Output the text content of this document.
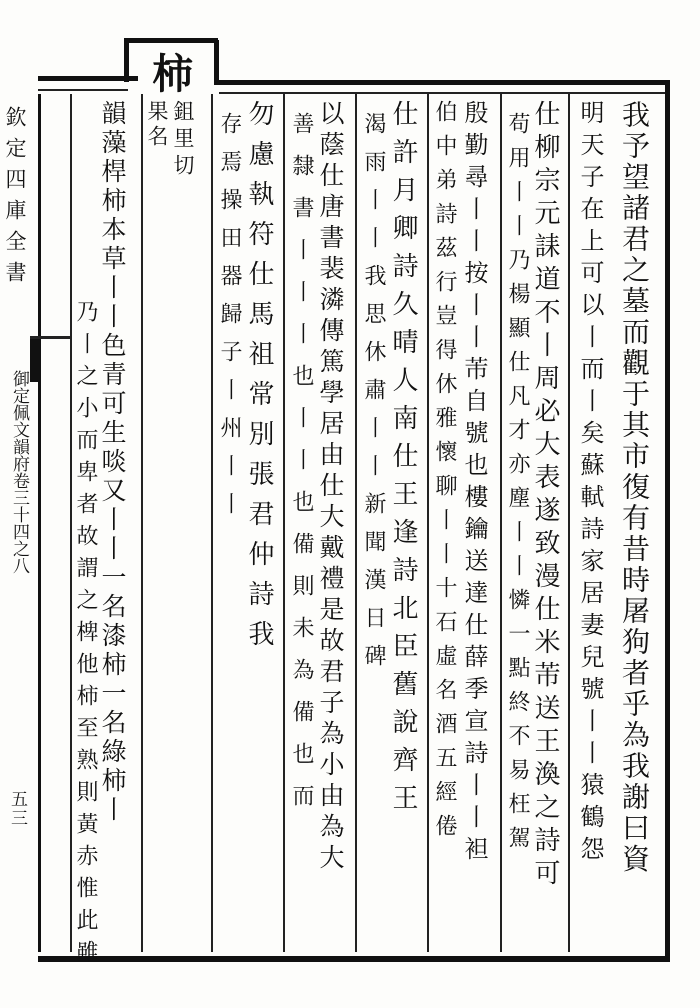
柿
欽定四庫全書
御定佩文韻府卷三十四之八
五三
鉏里切
果名	我予望諸君之墓而觀于其市復有昔時屠狗者乎為我謝曰資
明天子在上可以丨而丨矣蘇軾詩家居妻兒號丨丨猿鶴怨
仕柳宗元誄道不丨周必大表遂致漫仕米芾送王渙之詩可
苟用丨丨乃楊顯仕凡才亦塵丨丨憐一點終不易枉駕
殷勤尋丨丨按丨丨芾自號也樓鑰送達仕薛季宣詩丨丨袒
伯中弟詩茲行豈得休雅懷聊丨丨十石虛名酒五經倦
仕許月卿詩久晴人南仕王逢詩北臣舊說齊王
渴雨丨丨我思休肅丨丨新聞漢日碑
以蔭仕唐書裴潾傳篤學居由仕大戴禮是故君子為小由為大
善隸書丨丨丨也丨丨也備則未為備也而
勿慮執符仕馬祖常別張君仲詩我
存焉操田器歸子丨州丨丨
韻藻桿柿本草丨丨色青可生啖又丨丨一名漆柿一名綠柿丨
乃丨之小而卑者故謂之椑他柿至熟則黃赤惟此雖
